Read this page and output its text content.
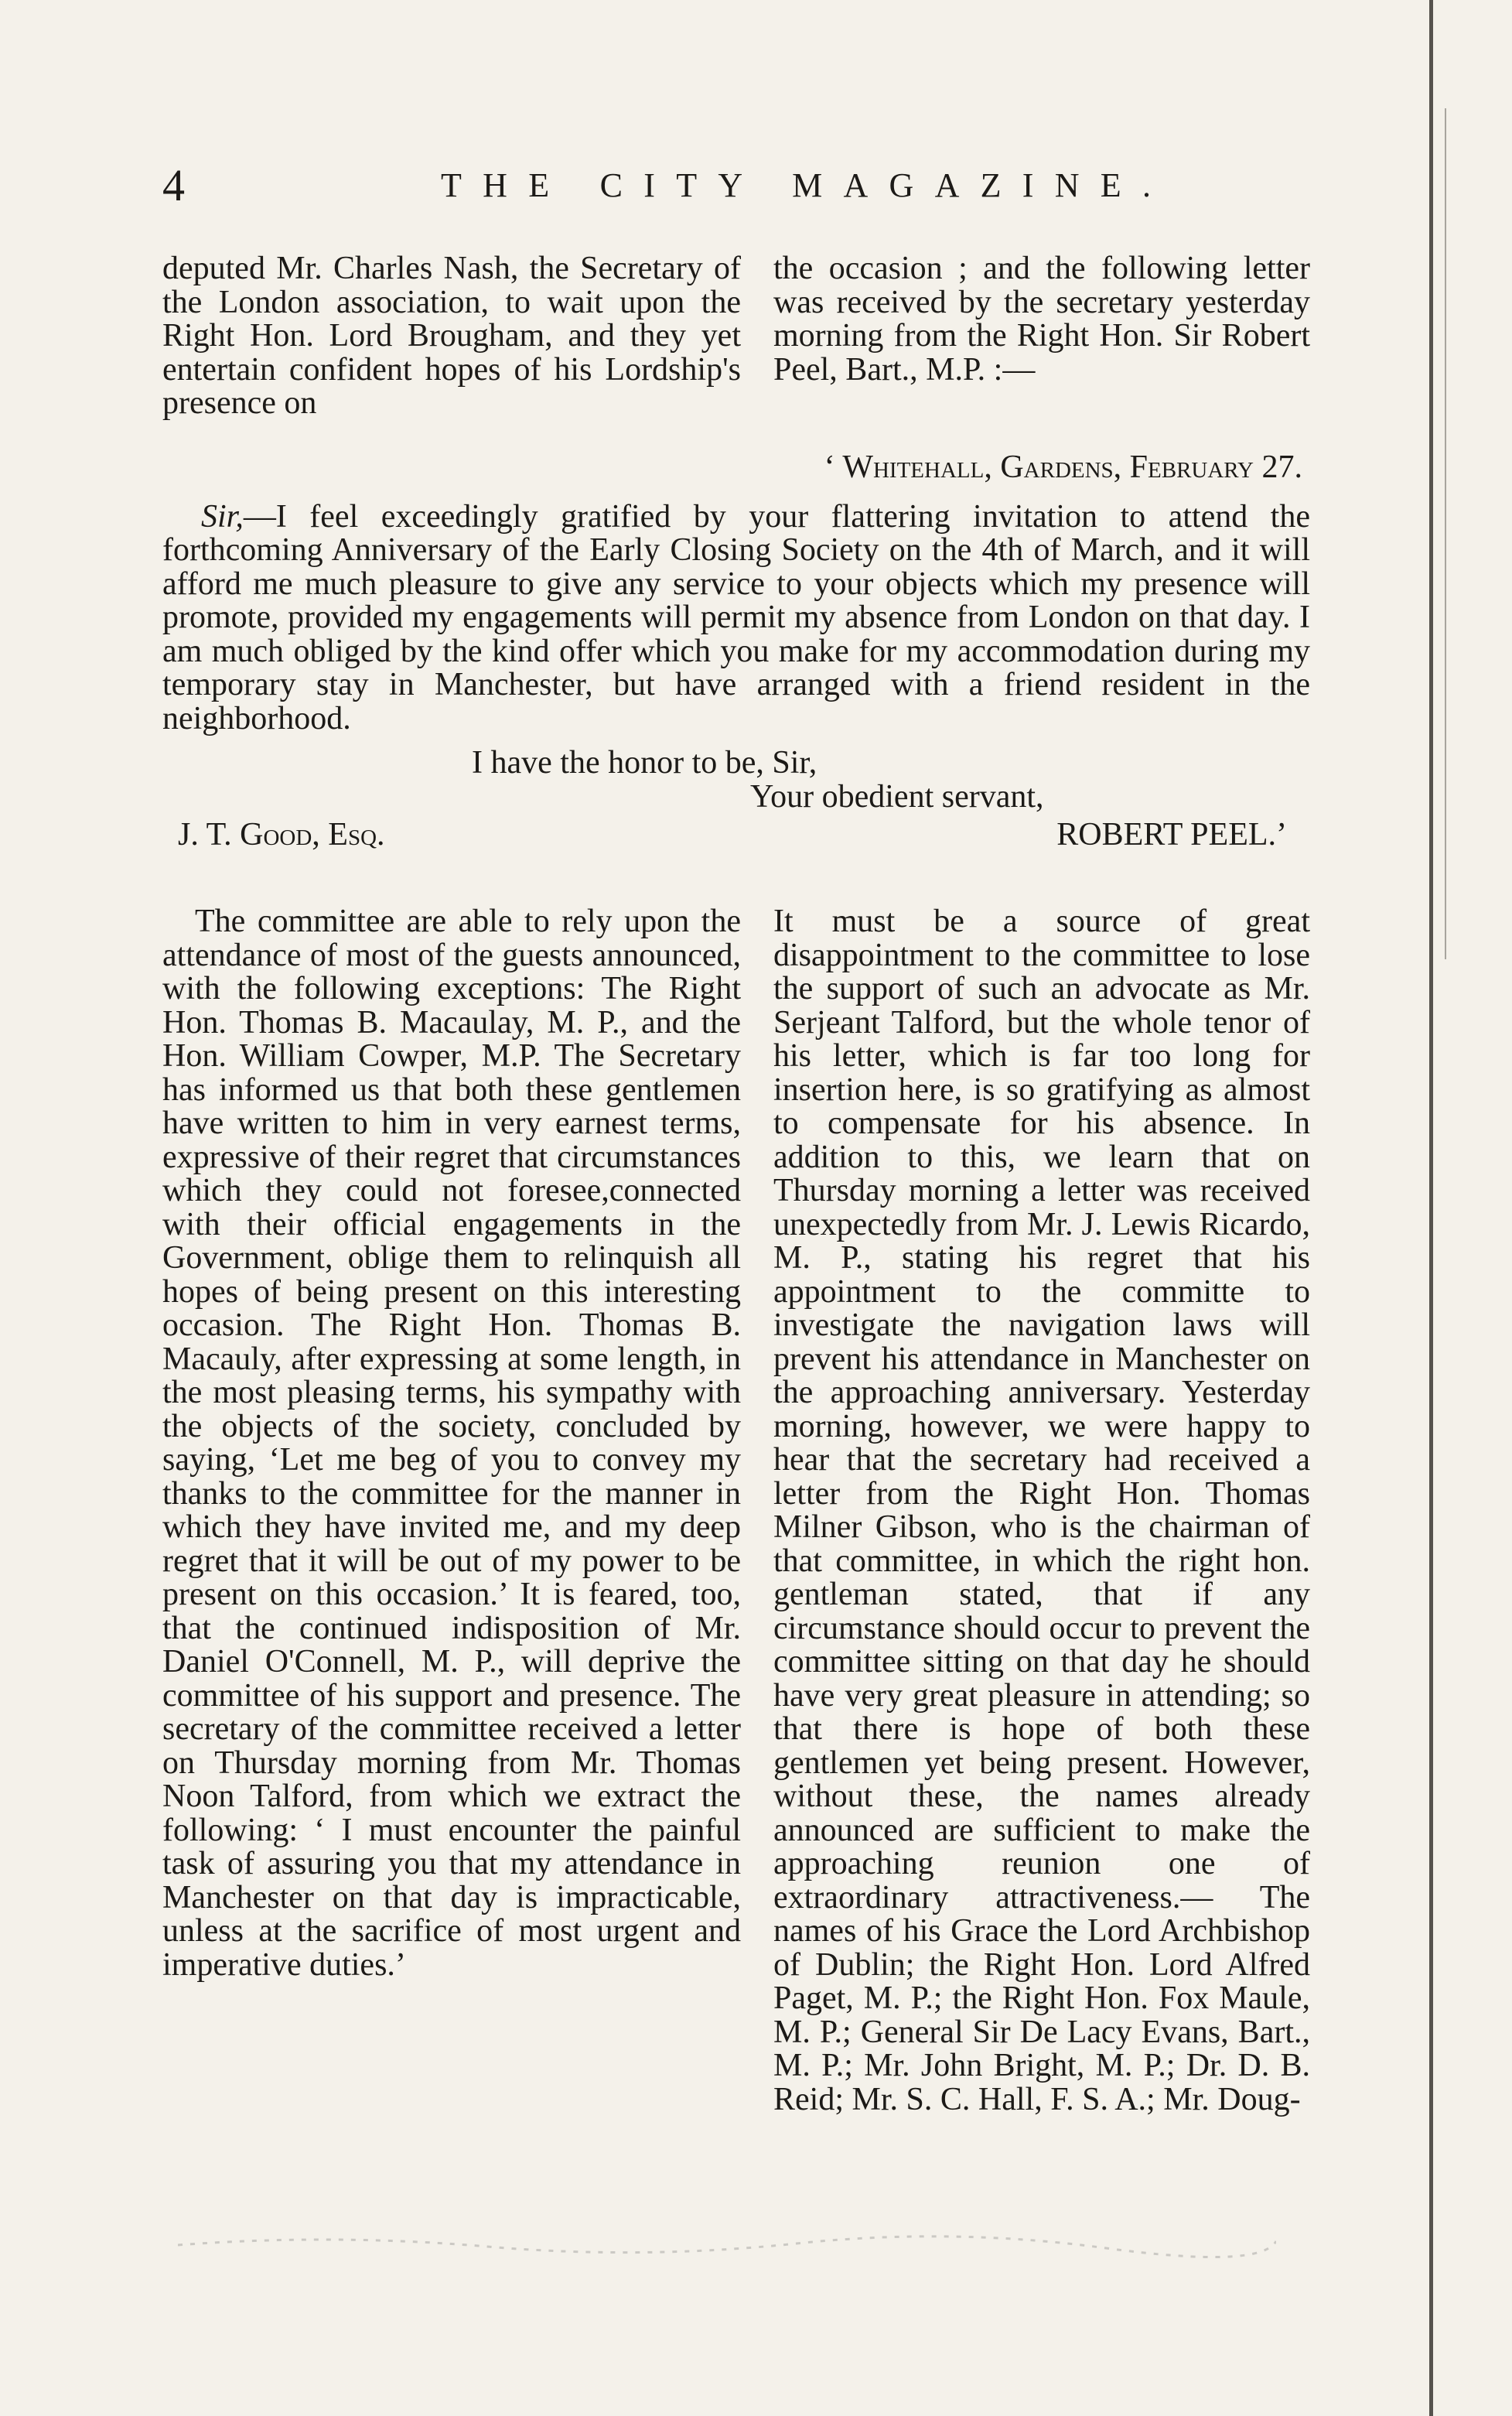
4	THE CITY MAGAZINE.

deputed Mr. Charles Nash, the Secretary of the London association, to wait upon the Right Hon. Lord Brougham, and they yet entertain confident hopes of his Lordship's presence on

the occasion ; and the following letter was received by the secretary yesterday morning from the Right Hon. Sir Robert Peel, Bart., M.P. :—

‘ Whitehall, Gardens, February 27.

Sir,—I feel exceedingly gratified by your flattering invitation to attend the forthcoming Anniversary of the Early Closing Society on the 4th of March, and it will afford me much pleasure to give any service to your objects which my presence will promote, provided my engagements will permit my absence from London on that day. I am much obliged by the kind offer which you make for my accommodation during my temporary stay in Manchester, but have arranged with a friend resident in the neighborhood.

I have the honor to be, Sir,
Your obedient servant,
J. T. Good, Esq.	ROBERT PEEL.’

The committee are able to rely upon the attendance of most of the guests announced, with the following exceptions: The Right Hon. Thomas B. Macaulay, M. P., and the Hon. William Cowper, M.P. The Secretary has informed us that both these gentlemen have written to him in very earnest terms, expressive of their regret that circumstances which they could not foresee,connected with their official engagements in the Government, oblige them to relinquish all hopes of being present on this interesting occasion. The Right Hon. Thomas B. Macauly, after expressing at some length, in the most pleasing terms, his sympathy with the objects of the society, concluded by saying, ‘Let me beg of you to convey my thanks to the committee for the manner in which they have invited me, and my deep regret that it will be out of my power to be present on this occasion.’ It is feared, too, that the continued indisposition of Mr. Daniel O'Connell, M. P., will deprive the committee of his support and presence. The secretary of the committee received a letter on Thursday morning from Mr. Thomas Noon Talford, from which we extract the following: ‘ I must encounter the painful task of assuring you that my attendance in Manchester on that day is impracticable, unless at the sacrifice of most urgent and imperative duties.’

It must be a source of great disappointment to the committee to lose the support of such an advocate as Mr. Serjeant Talford, but the whole tenor of his letter, which is far too long for insertion here, is so gratifying as almost to compensate for his absence. In addition to this, we learn that on Thursday morning a letter was received unexpectedly from Mr. J. Lewis Ricardo, M. P., stating his regret that his appointment to the committe to investigate the navigation laws will prevent his attendance in Manchester on the approaching anniversary. Yesterday morning, however, we were happy to hear that the secretary had received a letter from the Right Hon. Thomas Milner Gibson, who is the chairman of that committee, in which the right hon. gentleman stated, that if any circumstance should occur to prevent the committee sitting on that day he should have very great pleasure in attending; so that there is hope of both these gentlemen yet being present. However, without these, the names already announced are sufficient to make the approaching reunion one of extraordinary attractiveness.— The names of his Grace the Lord Archbishop of Dublin; the Right Hon. Lord Alfred Paget, M. P.; the Right Hon. Fox Maule, M. P.; General Sir De Lacy Evans, Bart., M. P.; Mr. John Bright, M. P.; Dr. D. B. Reid; Mr. S. C. Hall, F. S. A.; Mr. Doug-
